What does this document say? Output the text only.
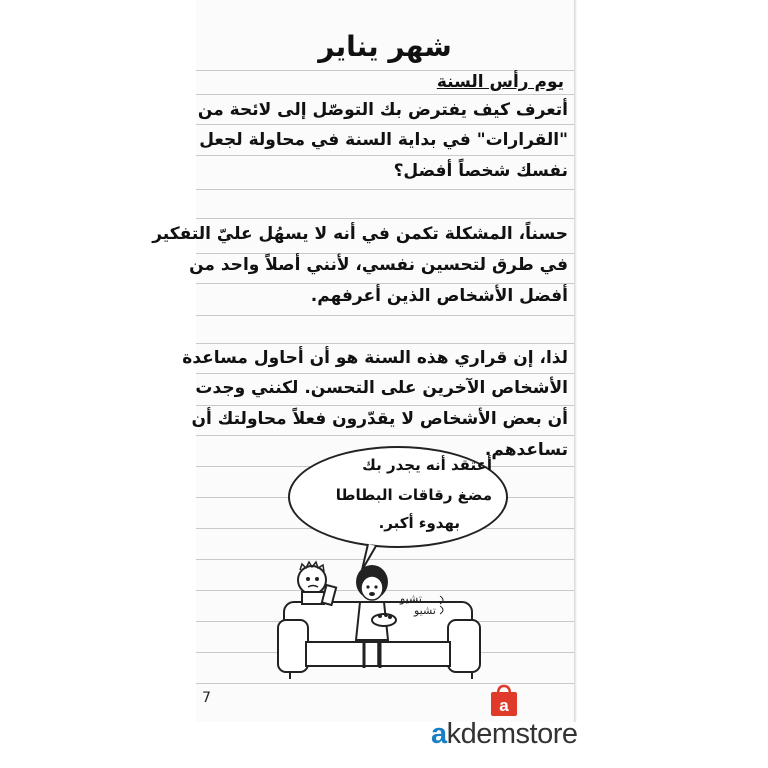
شهر يناير
يوم رأس السنة
أتعرف كيف يفترض بك التوصّل إلى لائحة من
"القرارات" في بداية السنة في محاولة لجعل
نفسك شخصاً أفضل؟
حسناً، المشكلة تكمن في أنه لا يسهُل عليّ التفكير
في طرق لتحسين نفسي، لأنني أصلاً واحد من
أفضل الأشخاص الذين أعرفهم.
لذا، إن قراري هذه السنة هو أن أحاول مساعدة
الأشخاص الآخرين على التحسن. لكنني وجدت
أن بعض الأشخاص لا يقدّرون فعلاً محاولتك أن
تساعدهم.
أعتقد أنه يجدر بك
مضغ رقاقات البطاطا
بهدوء أكبر.
تشيو
تشيو
7	a
akdemstore
